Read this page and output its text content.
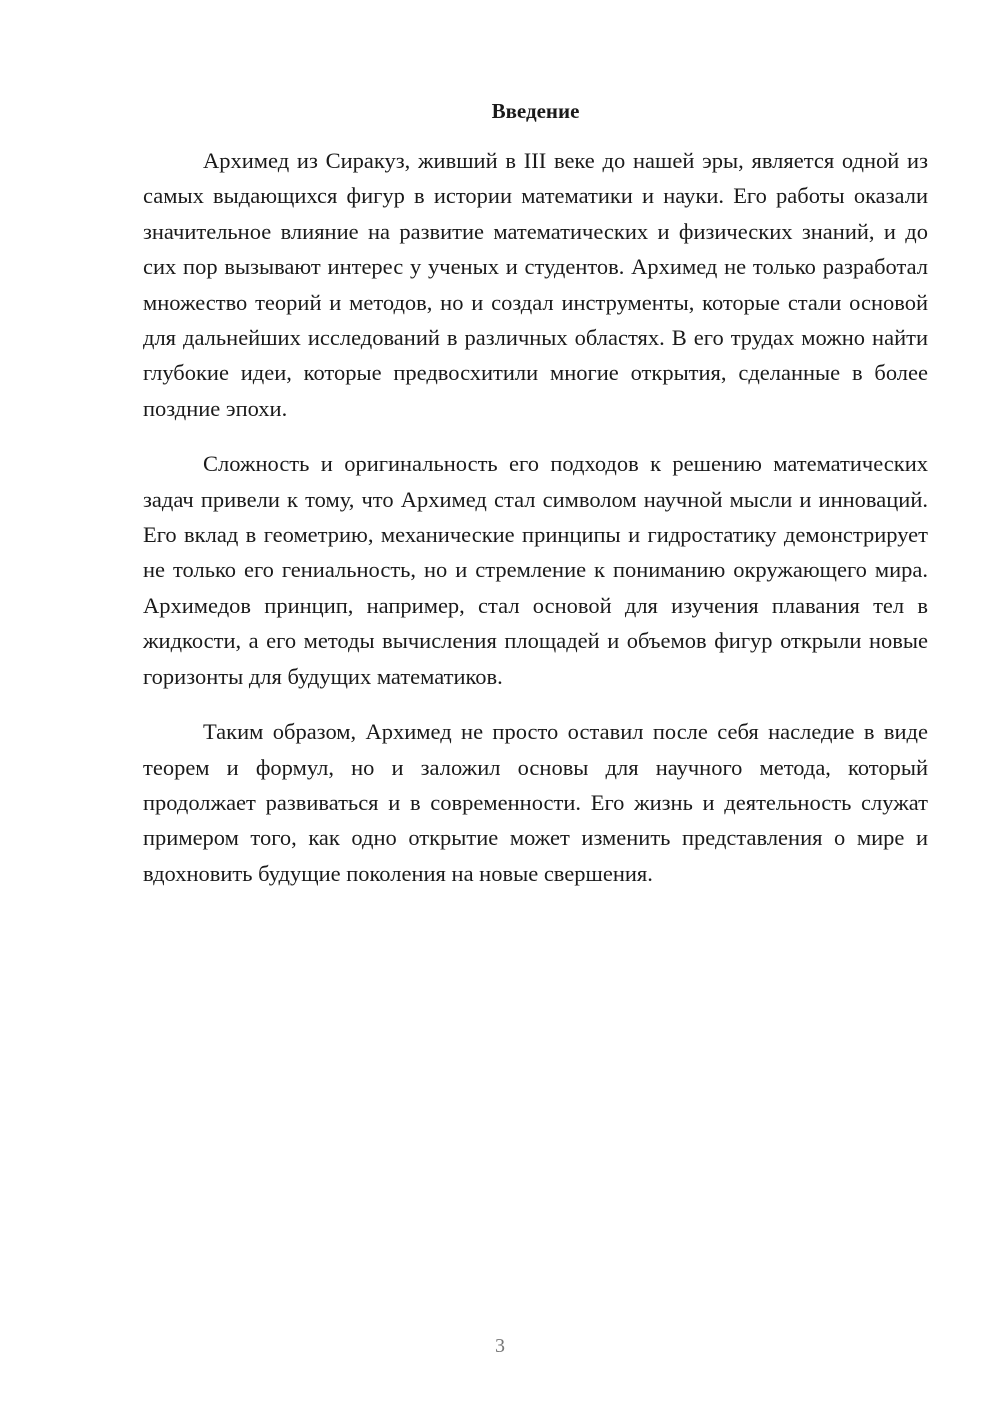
Введение

Архимед из Сиракуз, живший в III веке до нашей эры, является одной из самых выдающихся фигур в истории математики и науки. Его работы оказали значительное влияние на развитие математических и физических знаний, и до сих пор вызывают интерес у ученых и студентов. Архимед не только разработал множество теорий и методов, но и создал инструменты, которые стали основой для дальнейших исследований в различных областях. В его трудах можно найти глубокие идеи, которые предвосхитили многие открытия, сделанные в более поздние эпохи.

Сложность и оригинальность его подходов к решению математических задач привели к тому, что Архимед стал символом научной мысли и инноваций. Его вклад в геометрию, механические принципы и гидростатику демонстрирует не только его гениальность, но и стремление к пониманию окружающего мира. Архимедов принцип, например, стал основой для изучения плавания тел в жидкости, а его методы вычисления площадей и объемов фигур открыли новые горизонты для будущих математиков.

Таким образом, Архимед не просто оставил после себя наследие в виде теорем и формул, но и заложил основы для научного метода, который продолжает развиваться и в современности. Его жизнь и деятельность служат примером того, как одно открытие может изменить представления о мире и вдохновить будущие поколения на новые свершения.

3
